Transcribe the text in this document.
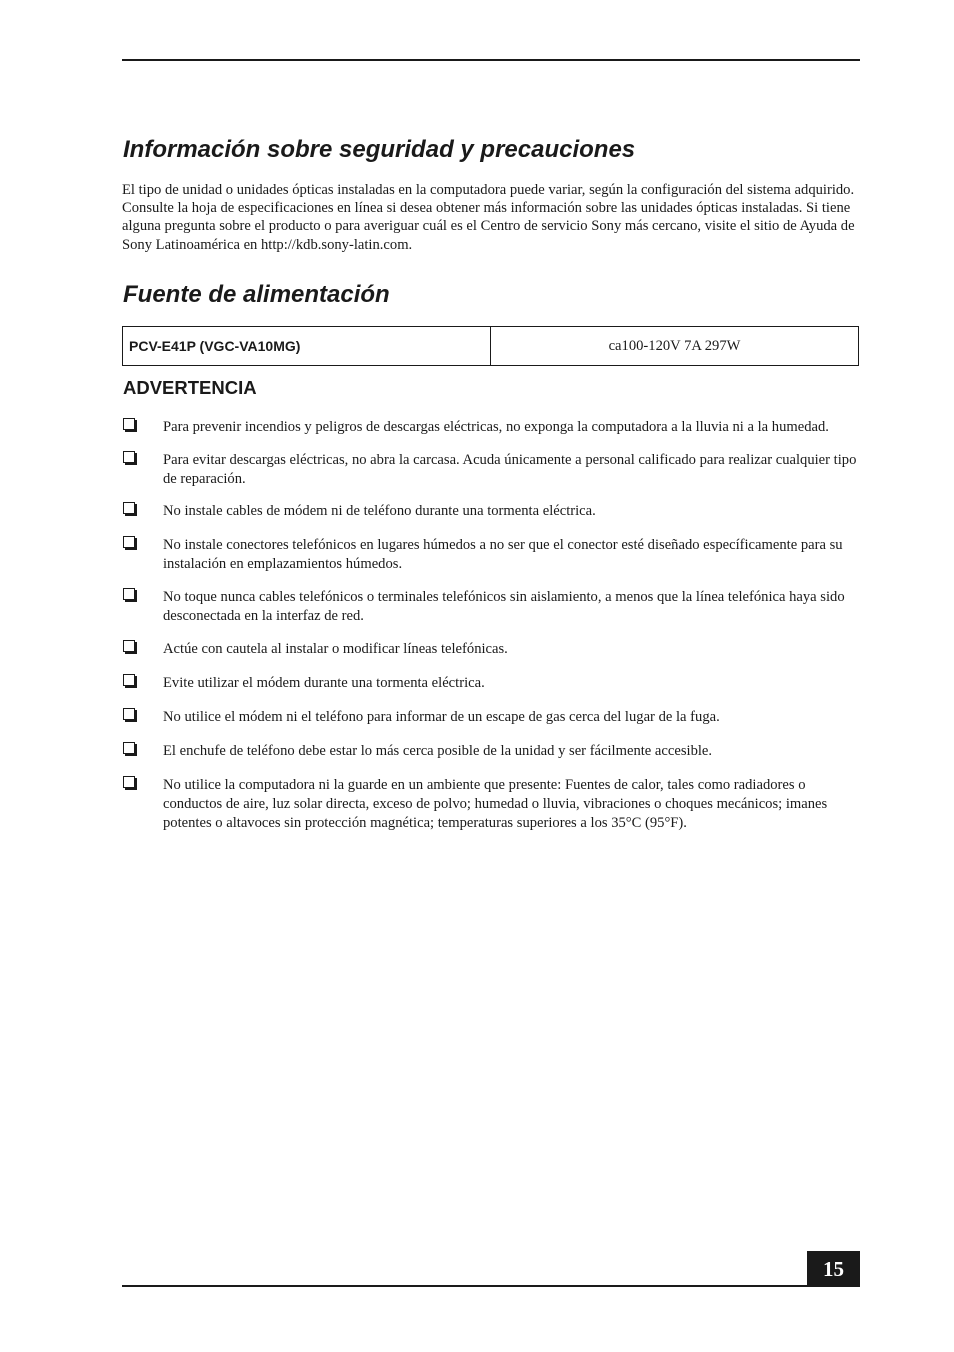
Información sobre seguridad y precauciones

El tipo de unidad o unidades ópticas instaladas en la computadora puede variar, según la configuración del sistema adquirido. Consulte la hoja de especificaciones en línea si desea obtener más información sobre las unidades ópticas instaladas. Si tiene alguna pregunta sobre el producto o para averiguar cuál es el Centro de servicio Sony más cercano, visite el sitio de Ayuda de Sony Latinoamérica en http://kdb.sony-latin.com.

Fuente de alimentación
PCV-E41P (VGC-VA10MG)	ca100-120V 7A 297W
ADVERTENCIA
Para prevenir incendios y peligros de descargas eléctricas, no exponga la computadora a la lluvia ni a la humedad.
Para evitar descargas eléctricas, no abra la carcasa. Acuda únicamente a personal calificado para realizar cualquier tipo de reparación.
No instale cables de módem ni de teléfono durante una tormenta eléctrica.
No instale conectores telefónicos en lugares húmedos a no ser que el conector esté diseñado específicamente para su instalación en emplazamientos húmedos.
No toque nunca cables telefónicos o terminales telefónicos sin aislamiento, a menos que la línea telefónica haya sido desconectada en la interfaz de red.
Actúe con cautela al instalar o modificar líneas telefónicas.
Evite utilizar el módem durante una tormenta eléctrica.
No utilice el módem ni el teléfono para informar de un escape de gas cerca del lugar de la fuga.
El enchufe de teléfono debe estar lo más cerca posible de la unidad y ser fácilmente accesible.
No utilice la computadora ni la guarde en un ambiente que presente: Fuentes de calor, tales como radiadores o conductos de aire, luz solar directa, exceso de polvo; humedad o lluvia, vibraciones o choques mecánicos; imanes potentes o altavoces sin protección magnética; temperaturas superiores a los 35°C (95°F).
15
